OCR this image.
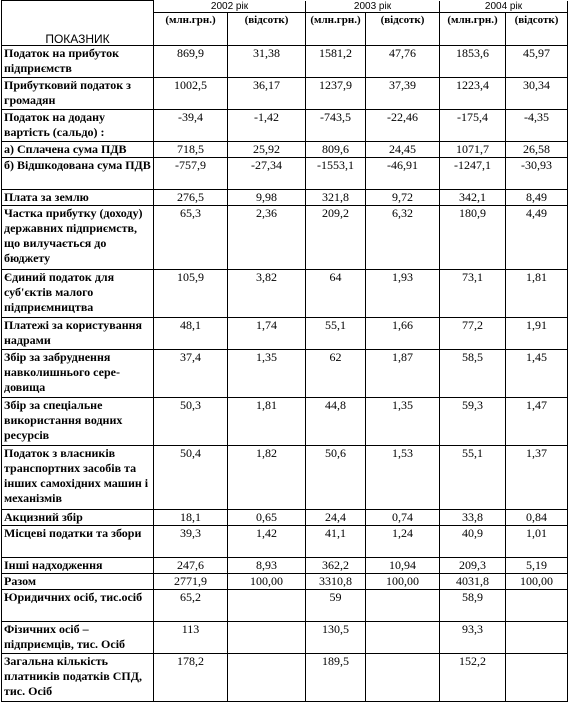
ПОКАЗНИК	2002 рік		2003 рік		2004 рік	
	(млн.грн.)	(відсотк)	(млн.грн.)	(відсотк)	(млн.грн.)	(відсотк)
Податок на прибуток підприємств	869,9	31,38	1581,2	47,76	1853,6	45,97
Прибутковий податок з громадян	1002,5	36,17	1237,9	37,39	1223,4	30,34
Податок на додану вартість (сальдо) :	-39,4	-1,42	-743,5	-22,46	-175,4	-4,35
а) Сплачена сума ПДВ	718,5	25,92	809,6	24,45	1071,7	26,58
б) Відшкодована сума ПДВ	-757,9	-27,34	-1553,1	-46,91	-1247,1	-30,93
Плата за землю	276,5	9,98	321,8	9,72	342,1	8,49
Частка прибутку (доходу) державних підприємств, що вилучається до бюджету	65,3	2,36	209,2	6,32	180,9	4,49
Єдиний податок для суб'єктів малого підприємництва	105,9	3,82	64	1,93	73,1	1,81
Платежі за користування надрами	48,1	1,74	55,1	1,66	77,2	1,91
Збір за забруднення навколишнього сере-довища	37,4	1,35	62	1,87	58,5	1,45
Збір за спеціальне використання водних ресурсів	50,3	1,81	44,8	1,35	59,3	1,47
Податок з власників транспортних засобів та інших самохідних машин і механізмів	50,4	1,82	50,6	1,53	55,1	1,37
Акцизний збір	18,1	0,65	24,4	0,74	33,8	0,84
Місцеві податки та збори	39,3	1,42	41,1	1,24	40,9	1,01
Інші надходження	247,6	8,93	362,2	10,94	209,3	5,19
Разом	2771,9	100,00	3310,8	100,00	4031,8	100,00
Юридичних осіб, тис.осіб	65,2		59		58,9	
Фізичних осіб –підприємців, тис. Осіб	113		130,5		93,3	
Загальна кількість платників податків СПД, тис. Осіб	178,2		189,5		152,2	
